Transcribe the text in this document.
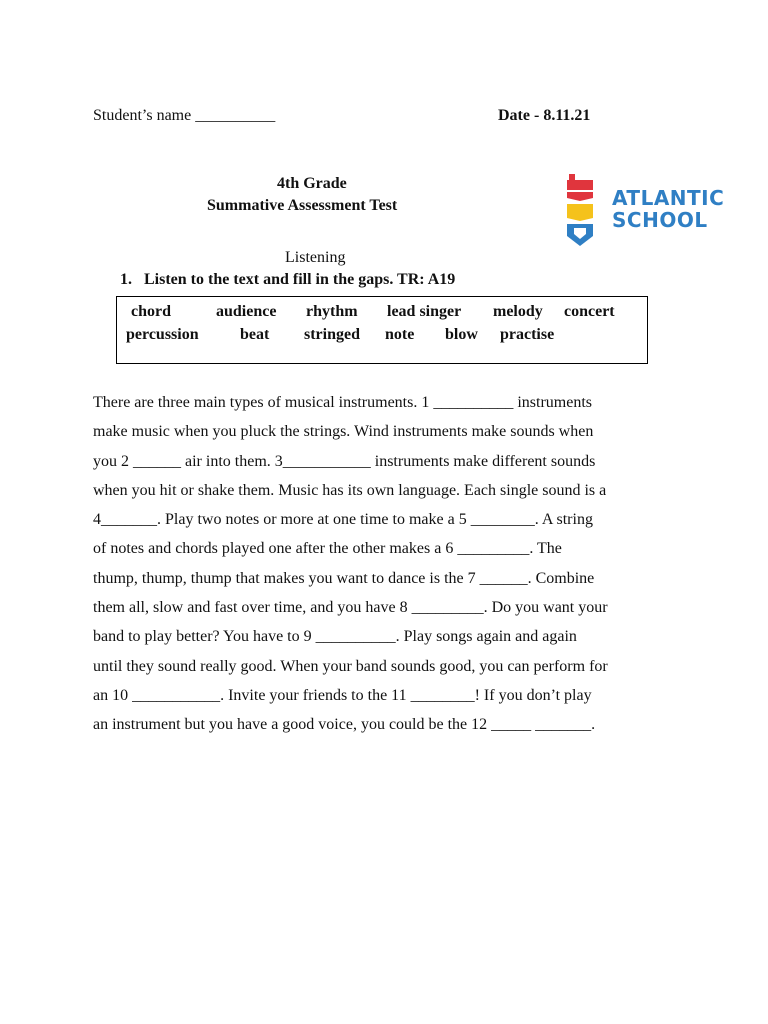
Student’s name __________	Date - 8.11.21
4th Grade
Summative Assessment Test	ATLANTIC
SCHOOL
Listening
1. Listen to the text and fill in the gaps. TR: A19
chord	audience rhythm lead singer melody concert
percussion	beat stringed note blow practise
There are three main types of musical instruments. 1 __________ instruments
make music when you pluck the strings. Wind instruments make sounds when
you 2 ______ air into them. 3___________ instruments make different sounds
when you hit or shake them. Music has its own language. Each single sound is a
4_______. Play two notes or more at one time to make a 5 ________. A string
of notes and chords played one after the other makes a 6 _________. The
thump, thump, thump that makes you want to dance is the 7 ______. Combine
them all, slow and fast over time, and you have 8 _________. Do you want your
band to play better? You have to 9 __________. Play songs again and again
until they sound really good. When your band sounds good, you can perform for
an 10 ___________. Invite your friends to the 11 ________! If you don’t play
an instrument but you have a good voice, you could be the 12 _____ _______.
